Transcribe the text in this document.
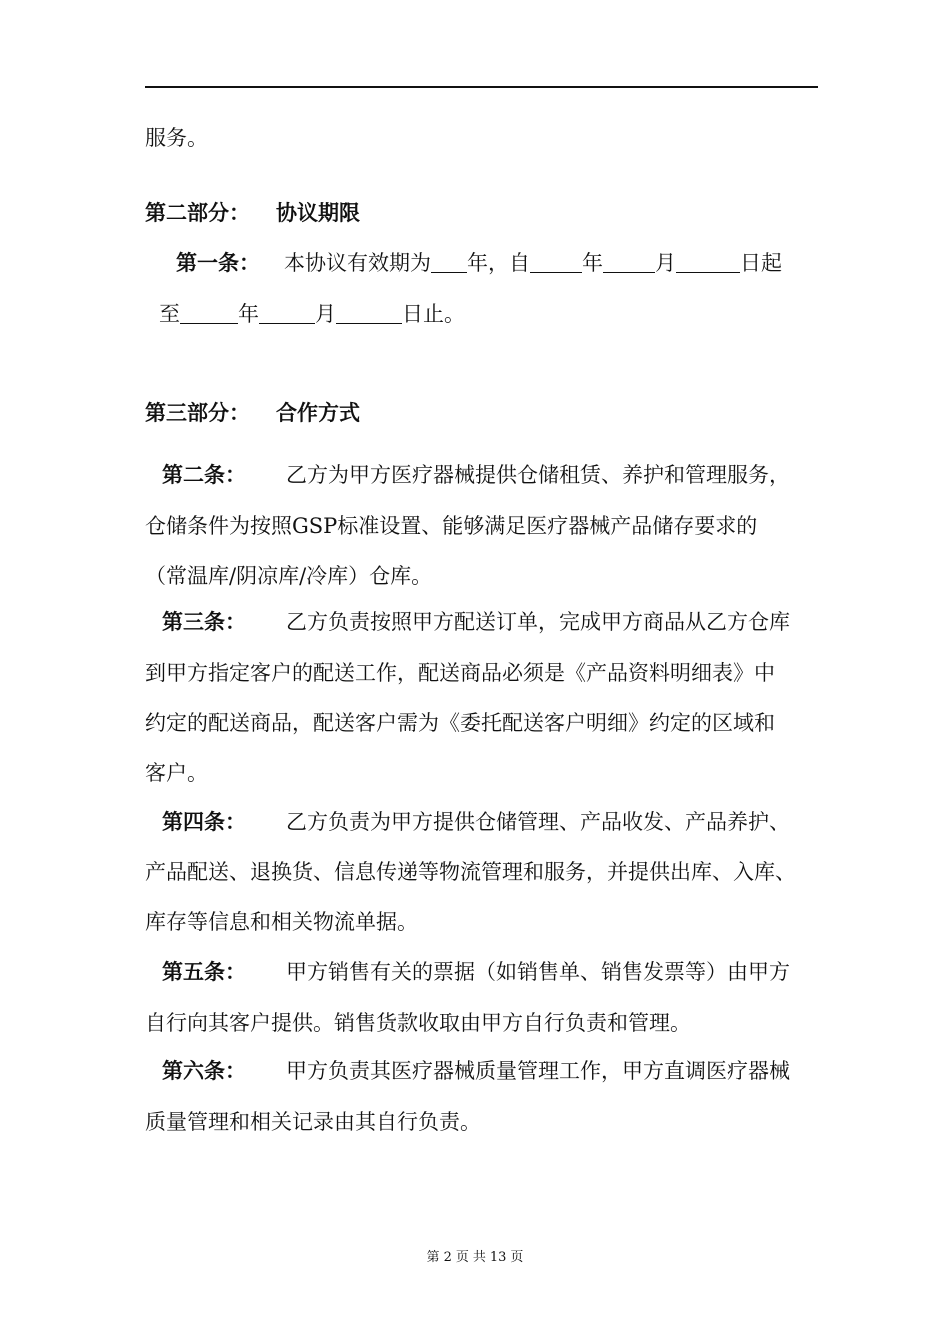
服务。
第二部分： 协议期限
第一条： 本协议有效期为 年，自 年 月	日起
至	年	月	日止。
第三部分： 合作方式
第二条： 乙方为甲方医疗器械提供仓储租赁、养护和管理服务，
仓储条件为按照GSP标准设置、能够满足医疗器械产品储存要求的
（常温库/阴凉库/冷库）仓库。
第三条： 乙方负责按照甲方配送订单，完成甲方商品从乙方仓库
到甲方指定客户的配送工作，配送商品必须是《产品资料明细表》中
约定的配送商品，配送客户需为《委托配送客户明细》约定的区域和
客户。
第四条： 乙方负责为甲方提供仓储管理、产品收发、产品养护、
产品配送、退换货、信息传递等物流管理和服务，并提供出库、入库、
库存等信息和相关物流单据。
第五条： 甲方销售有关的票据（如销售单、销售发票等）由甲方
自行向其客户提供。销售货款收取由甲方自行负责和管理。
第六条： 甲方负责其医疗器械质量管理工作，甲方直调医疗器械
质量管理和相关记录由其自行负责。
第 2 页 共 13 页
